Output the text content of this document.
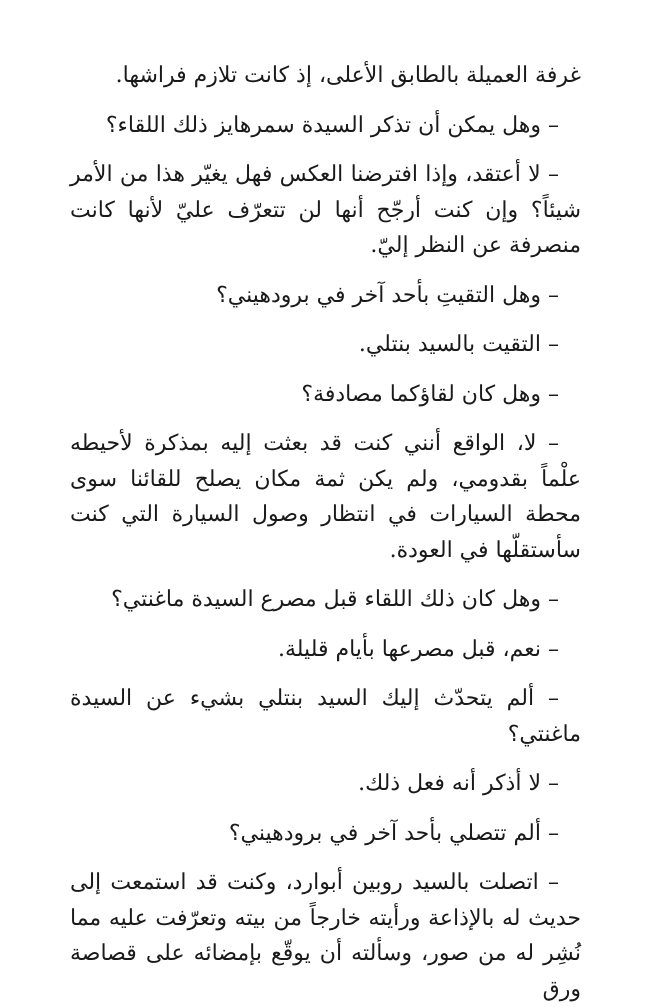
غرفة العميلة بالطابق الأعلى، إذ كانت تلازم فراشها.

– وهل يمكن أن تذكر السيدة سمرهايز ذلك اللقاء؟

– لا أعتقد، وإذا افترضنا العكس فهل يغيّر هذا من الأمر شيئاً؟ وإن كنت أرجّح أنها لن تتعرّف عليّ لأنها كانت منصرفة عن النظر إليّ.

– وهل التقيتِ بأحد آخر في برودهيني؟

– التقيت بالسيد بنتلي.

– وهل كان لقاؤكما مصادفة؟

– لا، الواقع أنني كنت قد بعثت إليه بمذكرة لأحيطه علْماً بقدومي، ولم يكن ثمة مكان يصلح للقائنا سوى محطة السيارات في انتظار وصول السيارة التي كنت سأستقلّها في العودة.

– وهل كان ذلك اللقاء قبل مصرع السيدة ماغنتي؟

– نعم، قبل مصرعها بأيام قليلة.

– ألم يتحدّث إليك السيد بنتلي بشيء عن السيدة ماغنتي؟

– لا أذكر أنه فعل ذلك.

– ألم تتصلي بأحد آخر في برودهيني؟

– اتصلت بالسيد روبين أبوارد، وكنت قد استمعت إلى حديث له بالإذاعة ورأيته خارجاً من بيته وتعرّفت عليه مما نُشِر له من صور، وسألته أن يوقّع بإمضائه على قصاصة ورق
